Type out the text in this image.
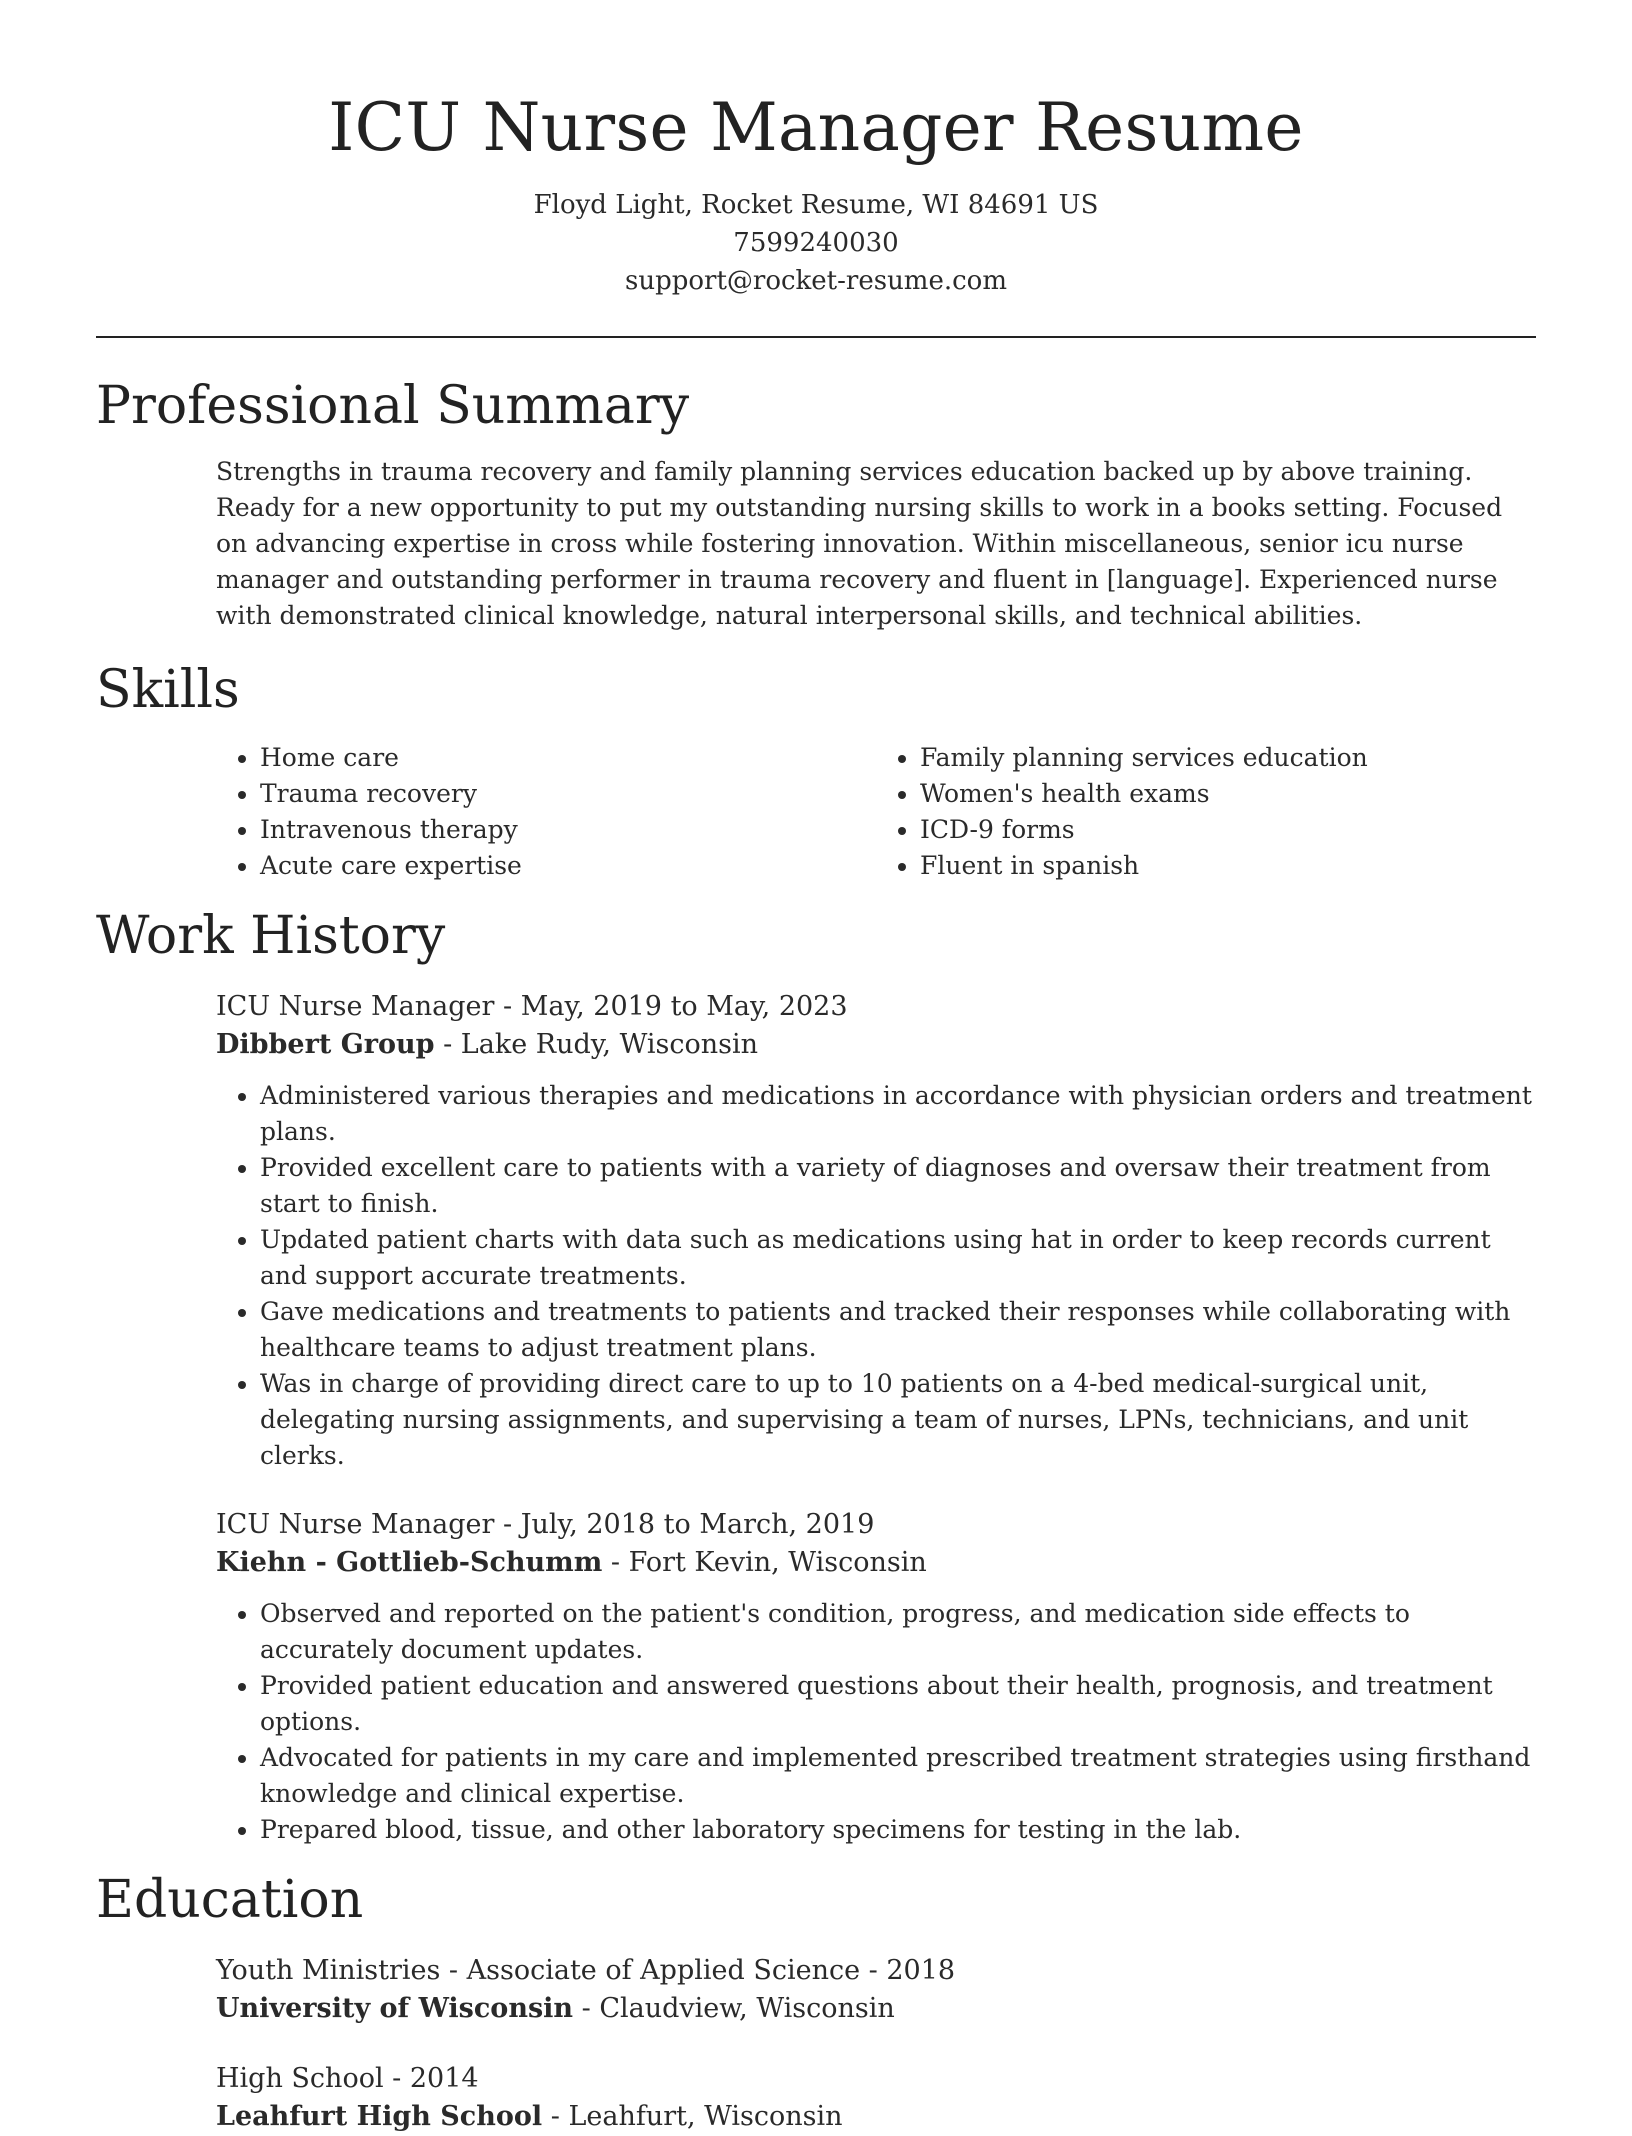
ICU Nurse Manager Resume
Floyd Light, Rocket Resume, WI 84691 US
7599240030
support@rocket-resume.com
Professional Summary
Strengths in trauma recovery and family planning services education backed up by above training. Ready for a new opportunity to put my outstanding nursing skills to work in a books setting. Focused on advancing expertise in cross while fostering innovation. Within miscellaneous, senior icu nurse manager and outstanding performer in trauma recovery and fluent in [language]. Experienced nurse with demonstrated clinical knowledge, natural interpersonal skills, and technical abilities.
Skills
• Home care
• Trauma recovery
• Intravenous therapy
• Acute care expertise
• Family planning services education
• Women's health exams
• ICD-9 forms
• Fluent in spanish
Work History
ICU Nurse Manager - May, 2019 to May, 2023
Dibbert Group - Lake Rudy, Wisconsin
• Administered various therapies and medications in accordance with physician orders and treatment plans.
• Provided excellent care to patients with a variety of diagnoses and oversaw their treatment from start to finish.
• Updated patient charts with data such as medications using hat in order to keep records current and support accurate treatments.
• Gave medications and treatments to patients and tracked their responses while collaborating with healthcare teams to adjust treatment plans.
• Was in charge of providing direct care to up to 10 patients on a 4-bed medical-surgical unit, delegating nursing assignments, and supervising a team of nurses, LPNs, technicians, and unit clerks.
ICU Nurse Manager - July, 2018 to March, 2019
Kiehn - Gottlieb-Schumm - Fort Kevin, Wisconsin
• Observed and reported on the patient's condition, progress, and medication side effects to accurately document updates.
• Provided patient education and answered questions about their health, prognosis, and treatment options.
• Advocated for patients in my care and implemented prescribed treatment strategies using firsthand knowledge and clinical expertise.
• Prepared blood, tissue, and other laboratory specimens for testing in the lab.
Education
Youth Ministries - Associate of Applied Science - 2018
University of Wisconsin - Claudview, Wisconsin
High School - 2014
Leahfurt High School - Leahfurt, Wisconsin
